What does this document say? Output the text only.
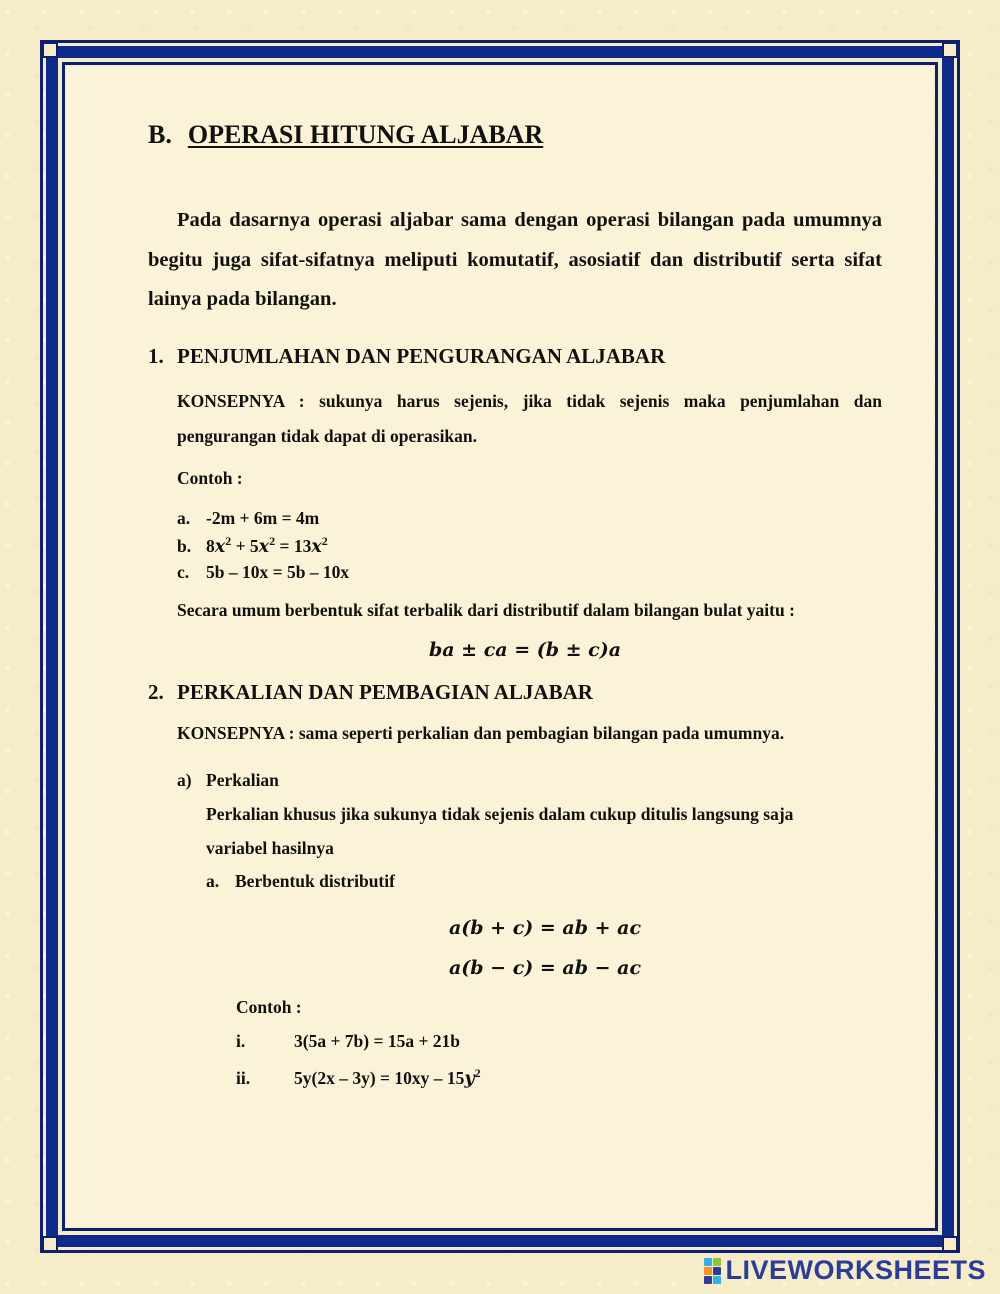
B. OPERASI HITUNG ALJABAR
Pada dasarnya operasi aljabar sama dengan operasi bilangan pada umumnya begitu juga sifat-sifatnya meliputi komutatif, asosiatif dan distributif serta sifat lainya pada bilangan.
1. PENJUMLAHAN DAN PENGURANGAN ALJABAR
KONSEPNYA : sukunya harus sejenis, jika tidak sejenis maka penjumlahan dan pengurangan tidak dapat di operasikan.
Contoh :
a. -2m + 6m = 4m
b. $8x^2 + 5x^2 = 13x^2$
c. 5b – 10x = 5b – 10x
Secara umum berbentuk sifat terbalik dari distributif dalam bilangan bulat yaitu :
ba ± ca = (b ± c)a
2. PERKALIAN DAN PEMBAGIAN ALJABAR
KONSEPNYA : sama seperti perkalian dan pembagian bilangan pada umumnya.
a) Perkalian
Perkalian khusus jika sukunya tidak sejenis dalam cukup ditulis langsung saja
variabel hasilnya
a. Berbentuk distributif
a(b + c) = ab + ac
a(b − c) = ab − ac
Contoh :
i.	3(5a + 7b) = 15a + 21b
ii.	$5y(2x - 3y) = 10xy - 15y^2$
LIVEWORKSHEETS
